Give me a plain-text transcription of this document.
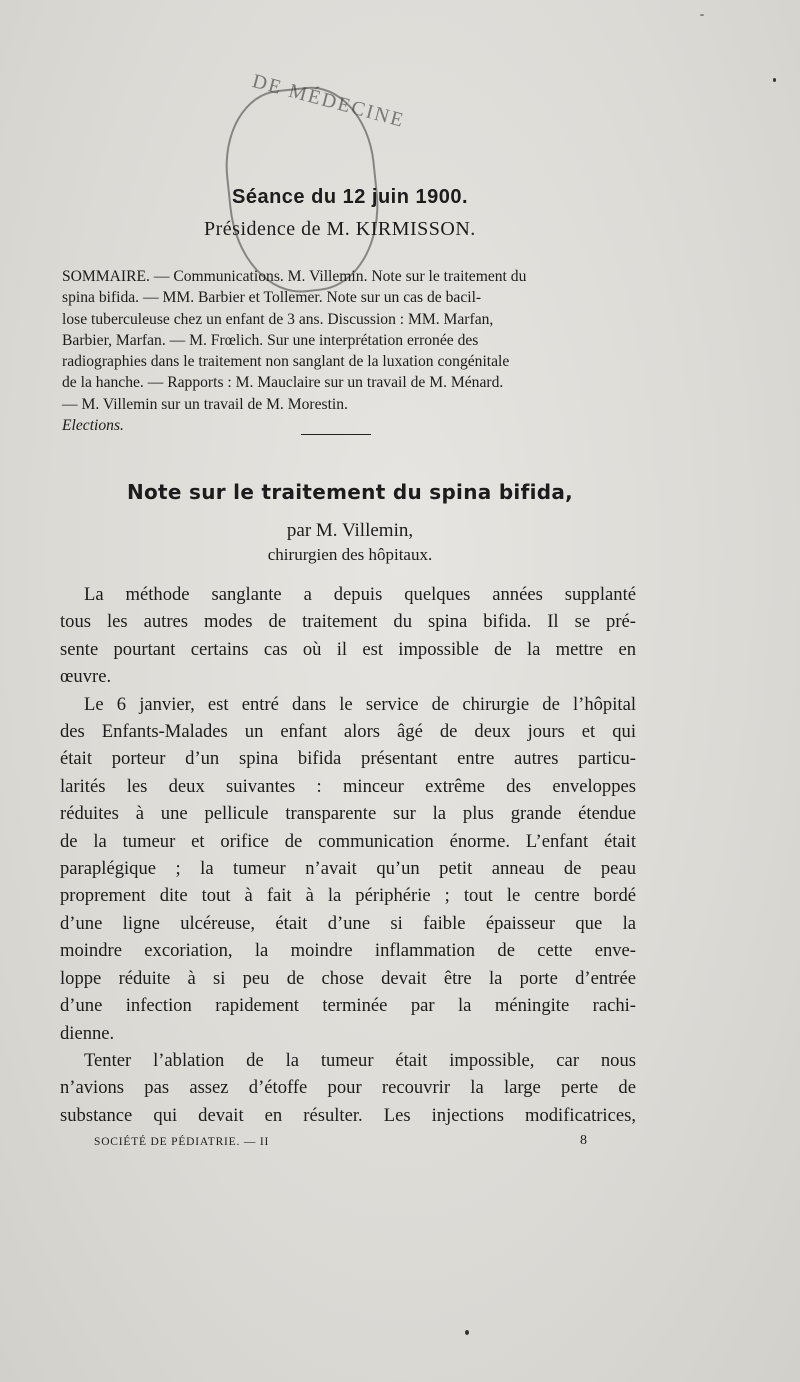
DE MÉDECINE
Séance du 12 juin 1900.
Présidence de M. KIRMISSON.
SOMMAIRE. — Communications. M. Villemin. Note sur le traitement du
spina bifida. — MM. Barbier et Tollemer. Note sur un cas de bacil-
lose tuberculeuse chez un enfant de 3 ans. Discussion : MM. Marfan,
Barbier, Marfan. — M. Frœlich. Sur une interprétation erronée des
radiographies dans le traitement non sanglant de la luxation congénitale
de la hanche. — Rapports : M. Mauclaire sur un travail de M. Ménard.
— M. Villemin sur un travail de M. Morestin.
Elections.
Note sur le traitement du spina bifida,
par M. Villemin,
chirurgien des hôpitaux.
La méthode sanglante a depuis quelques années supplanté
tous les autres modes de traitement du spina bifida. Il se pré-
sente pourtant certains cas où il est impossible de la mettre en
œuvre.
Le 6 janvier, est entré dans le service de chirurgie de l’hôpital
des Enfants-Malades un enfant alors âgé de deux jours et qui
était porteur d’un spina bifida présentant entre autres particu-
larités les deux suivantes : minceur extrême des enveloppes
réduites à une pellicule transparente sur la plus grande étendue
de la tumeur et orifice de communication énorme. L’enfant était
paraplégique ; la tumeur n’avait qu’un petit anneau de peau
proprement dite tout à fait à la périphérie ; tout le centre bordé
d’une ligne ulcéreuse, était d’une si faible épaisseur que la
moindre excoriation, la moindre inflammation de cette enve-
loppe réduite à si peu de chose devait être la porte d’entrée
d’une infection rapidement terminée par la méningite rachi-
dienne.
Tenter l’ablation de la tumeur était impossible, car nous
n’avions pas assez d’étoffe pour recouvrir la large perte de
substance qui devait en résulter. Les injections modificatrices,
SOCIÉTÉ DE PÉDIATRIE. — II	8
